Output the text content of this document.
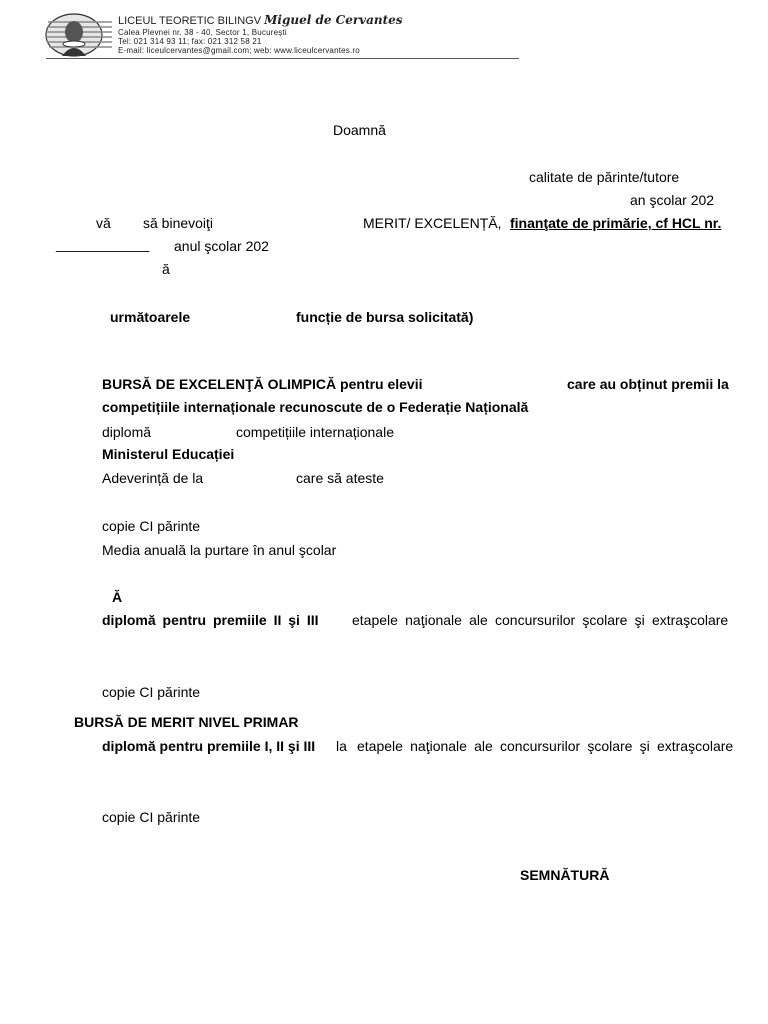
LICEUL TEORETIC BILINGV Miguel de Cervantes
Calea Plevnei nr. 38 - 40, Sector 1, București
Tel: 021 314 93 11; fax: 021 312 58 21
E-mail: liceulcervantes@gmail.com; web: www.liceulcervantes.ro
Doamnă
calitate de părinte/tutore
an şcolar 202
vă să binevoiţi	MERIT/ EXCELENȚĂ, finanţate de primărie, cf HCL nr.
____________ anul şcolar 202
ă
următoarele	funcție de bursa solicitată)
BURSĂ DE EXCELENŢĂ OLIMPICĂ pentru elevii	care au obținut premii la
competițiile internaționale recunoscute de o Federație Națională
diplomă	competițiile internaționale
Ministerul Educației
Adeverință de la	care să ateste
copie CI părinte
Media anuală la purtare în anul şcolar
Ă
diplomă pentru premiile II şi III etapele naţionale ale concursurilor şcolare şi extraşcolare
copie CI părinte
BURSĂ DE MERIT NIVEL PRIMAR
diplomă pentru premiile I, II şi III la etapele naţionale ale concursurilor şcolare şi extraşcolare
copie CI părinte
SEMNĂTURĂ
